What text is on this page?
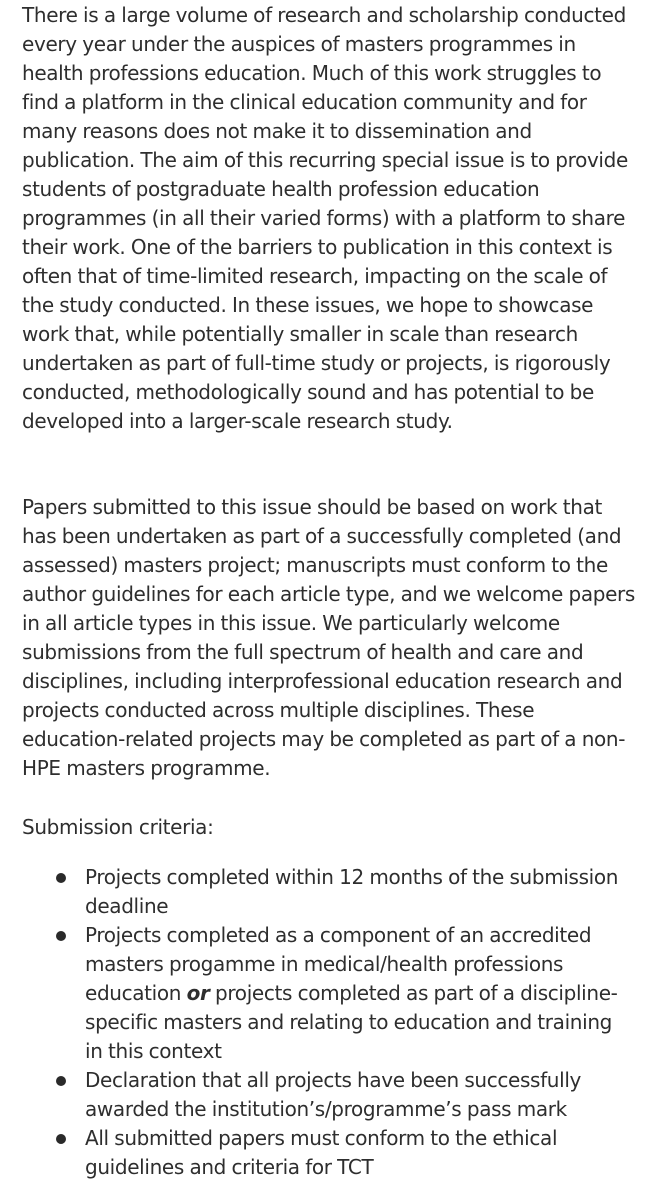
There is a large volume of research and scholarship conducted every year under the auspices of masters programmes in health professions education. Much of this work struggles to find a platform in the clinical education community and for many reasons does not make it to dissemination and publication. The aim of this recurring special issue is to provide students of postgraduate health profession education programmes (in all their varied forms) with a platform to share their work. One of the barriers to publication in this context is often that of time-limited research, impacting on the scale of the study conducted. In these issues, we hope to showcase work that, while potentially smaller in scale than research undertaken as part of full-time study or projects, is rigorously conducted, methodologically sound and has potential to be developed into a larger-scale research study.

Papers submitted to this issue should be based on work that has been undertaken as part of a successfully completed (and assessed) masters project; manuscripts must conform to the author guidelines for each article type, and we welcome papers in all article types in this issue. We particularly welcome submissions from the full spectrum of health and care and disciplines, including interprofessional education research and projects conducted across multiple disciplines. These education-related projects may be completed as part of a non-HPE masters programme.

Submission criteria:

Projects completed within 12 months of the submission deadline
Projects completed as a component of an accredited masters progamme in medical/health professions education or projects completed as part of a discipline-specific masters and relating to education and training in this context
Declaration that all projects have been successfully awarded the institution’s/programme’s pass mark
All submitted papers must conform to the ethical guidelines and criteria for TCT
